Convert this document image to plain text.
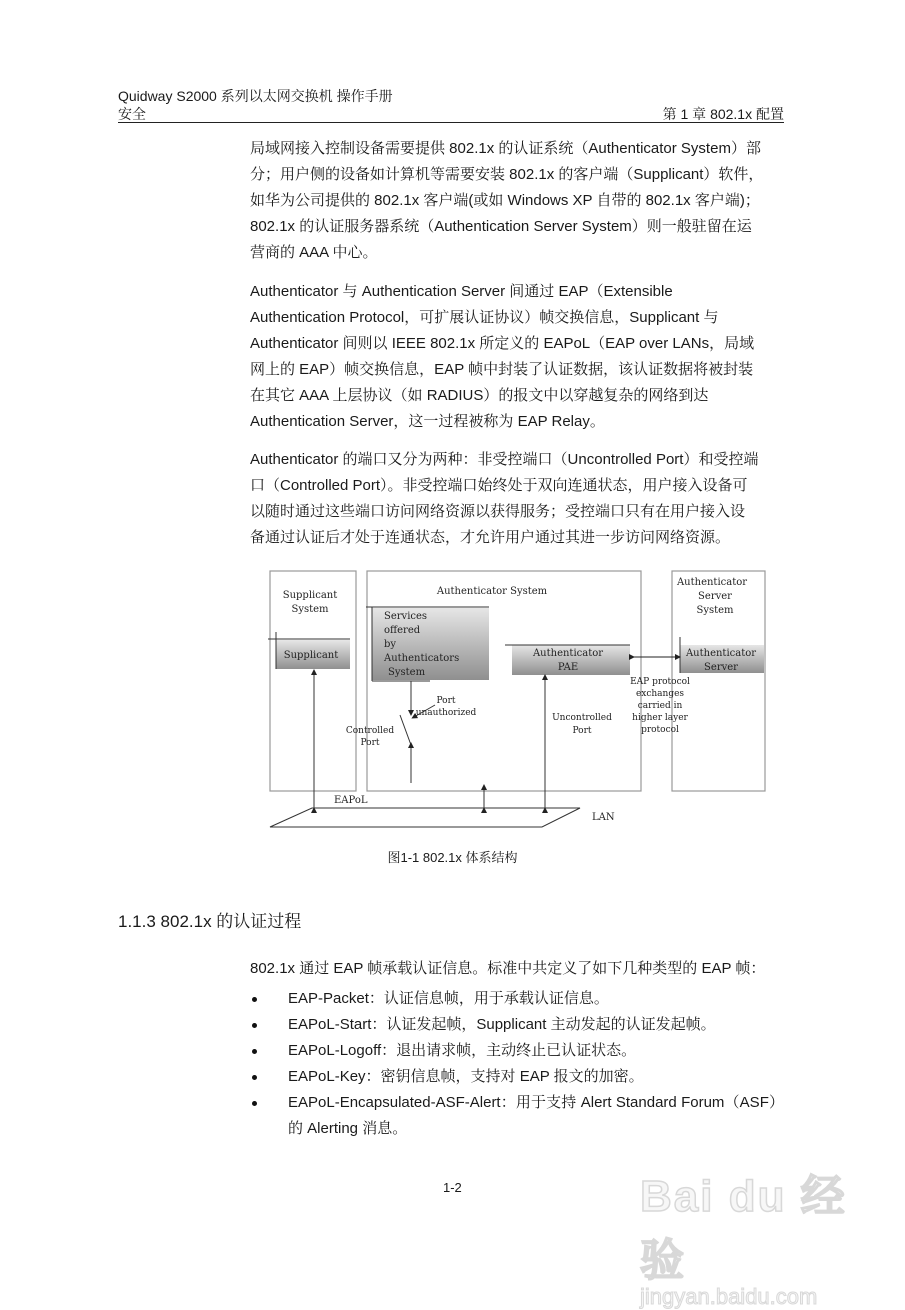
Quidway S2000 系列以太网交换机 操作手册
安全	第 1 章 802.1x 配置
局域网接入控制设备需要提供 802.1x 的认证系统（Authenticator System）部
分；用户侧的设备如计算机等需要安装 802.1x 的客户端（Supplicant）软件，
如华为公司提供的 802.1x 客户端(或如 Windows XP 自带的 802.1x 客户端)；
802.1x 的认证服务器系统（Authentication Server System）则一般驻留在运
营商的 AAA 中心。
Authenticator 与 Authentication Server 间通过 EAP（Extensible
Authentication Protocol，可扩展认证协议）帧交换信息，Supplicant 与
Authenticator 间则以 IEEE 802.1x 所定义的 EAPoL（EAP over LANs，局域
网上的 EAP）帧交换信息，EAP 帧中封装了认证数据，该认证数据将被封装
在其它 AAA 上层协议（如 RADIUS）的报文中以穿越复杂的网络到达
Authentication Server，这一过程被称为 EAP Relay。
Authenticator 的端口又分为两种：非受控端口（Uncontrolled Port）和受控端
口（Controlled Port）。非受控端口始终处于双向连通状态，用户接入设备可
以随时通过这些端口访问网络资源以获得服务；受控端口只有在用户接入设
备通过认证后才处于连通状态，才允许用户通过其进一步访问网络资源。
Supplicant
System
Supplicant
Authenticator System
Services
offered
by
Authenticators
System
Authenticator
PAE
Authenticator
Server
System
Authenticator
Server
EAP protocol
exchanges
carried in
higher layer
protocol
Port
unauthorized
Controlled
Port
Uncontrolled
Port
EAPoL
LAN
图1-1 802.1x 体系结构
1.1.3 802.1x 的认证过程
802.1x 通过 EAP 帧承载认证信息。标准中共定义了如下几种类型的 EAP 帧：
EAP-Packet：认证信息帧，用于承载认证信息。
EAPoL-Start：认证发起帧，Supplicant 主动发起的认证发起帧。
EAPoL-Logoff：退出请求帧，主动终止已认证状态。
EAPoL-Key：密钥信息帧，支持对 EAP 报文的加密。
EAPoL-Encapsulated-ASF-Alert：用于支持 Alert Standard Forum（ASF）的 Alerting 消息。
1-2	Bai du 经验
jingyan.baidu.com
